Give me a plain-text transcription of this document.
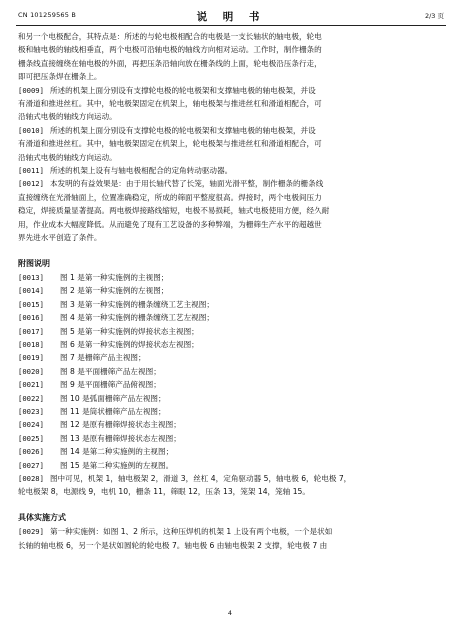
CN 101259565 B	说 明 书	2/3 页
和另一个电极配合，其特点是：所述的与轮电极相配合的电极是一支长轴状的轴电极，轮电
极和轴电极的轴线相垂直，两个电极可沿轴电极的轴线方向相对运动。工作时，制作栅条的
栅条线直接缠绕在轴电极的外面，再把压条沿轴向放在栅条线的上面，轮电极沿压条行走，
即可把压条焊在栅条上。
[0009] 所述的机架上面分别设有支撑轮电极的轮电极架和支撑轴电极的轴电极架，并设
有滑道和推进丝杠。其中，轮电极架固定在机架上，轴电极架与推进丝杠和滑道相配合，可
沿轴式电极的轴线方向运动。
[0010] 所述的机架上面分别设有支撑轮电极的轮电极架和支撑轴电极的轴电极架，并设
有滑道和推进丝杠。其中，轴电极架固定在机架上，轮电极架与推进丝杠和滑道相配合，可
沿轴式电极的轴线方向运动。
[0011] 所述的机架上设有与轴电极相配合的定角转动驱动器。
[0012] 本发明的有益效果是：由于用长轴代替了长笼，轴面光滑平整，制作栅条的栅条线
直接缠绕在光滑轴面上，位置准确稳定，所成的筛面平整度很高。焊接时，两个电极间压力
稳定，焊接质量显著提高。两电极焊接路线缩短，电极不易损耗，轴式电极使用方便，经久耐
用，作业成本大幅度降低。从而避免了现有工艺设备的多种弊端，为栅筛生产水平的超越世
界先进水平创造了条件。
附图说明
[0013] 图 1 是第一种实施例的主视图；
[0014] 图 2 是第一种实施例的左视图；
[0015] 图 3 是第一种实施例的栅条缠绕工艺主视图；
[0016] 图 4 是第一种实施例的栅条缠绕工艺左视图；
[0017] 图 5 是第一种实施例的焊接状态主视图；
[0018] 图 6 是第一种实施例的焊接状态左视图；
[0019] 图 7 是栅筛产品主视图；
[0020] 图 8 是平面栅筛产品左视图；
[0021] 图 9 是平面栅筛产品俯视图；
[0022] 图 10 是弧面栅筛产品左视图；
[0023] 图 11 是筒状栅筛产品左视图；
[0024] 图 12 是原有栅筛焊接状态主视图；
[0025] 图 13 是原有栅筛焊接状态左视图；
[0026] 图 14 是第二种实施例的主视图；
[0027] 图 15 是第二种实施例的左视图。
[0028] 图中可见，机架 1，轴电极架 2，滑道 3，丝杠 4，定角驱动器 5，轴电极 6，轮电极 7，
轮电极架 8，电源线 9，电机 10，栅条 11，筛眼 12，压条 13，笼架 14，笼轴 15。
具体实施方式
[0029] 第一种实施例：如图 1、2 所示，这种压焊机的机架 1 上设有两个电极，一个是状如
长轴的轴电极 6，另一个是状如圆轮的轮电极 7。轴电极 6 由轴电极架 2 支撑，轮电极 7 由
4
